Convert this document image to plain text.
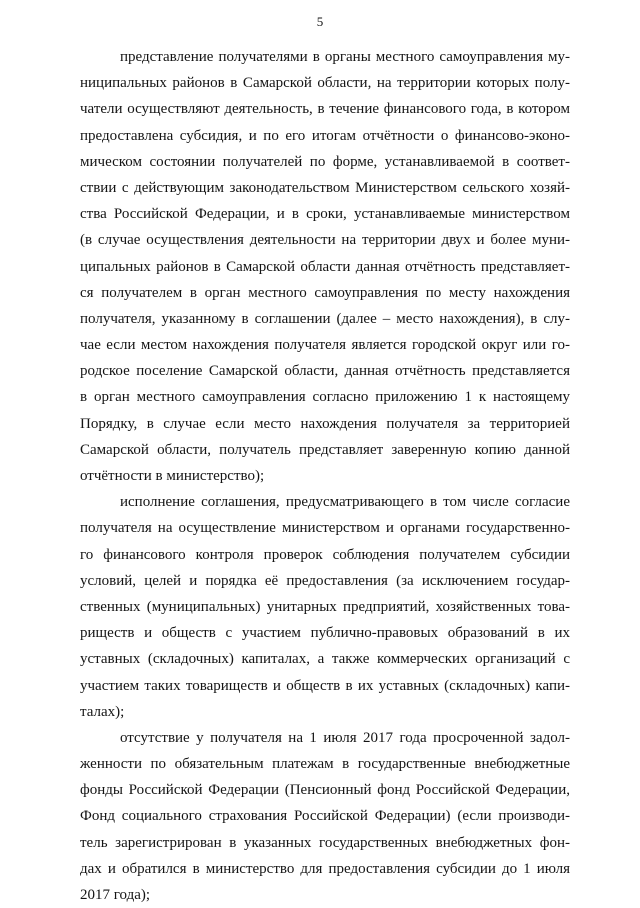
5
представление получателями в органы местного самоуправления му-
ниципальных районов в Самарской области, на территории которых полу-
чатели осуществляют деятельность, в течение финансового года, в котором
предоставлена субсидия, и по его итогам отчётности о финансово-эконо-
мическом состоянии получателей по форме, устанавливаемой в соответ-
ствии с действующим законодательством Министерством сельского хозяй-
ства Российской Федерации, и в сроки, устанавливаемые министерством
(в случае осуществления деятельности на территории двух и более муни-
ципальных районов в Самарской области данная отчётность представляет-
ся получателем в орган местного самоуправления по месту нахождения
получателя, указанному в соглашении (далее – место нахождения), в слу-
чае если местом нахождения получателя является городской округ или го-
родское поселение Самарской области, данная отчётность представляется
в орган местного самоуправления согласно приложению 1 к настоящему
Порядку, в случае если место нахождения получателя за территорией
Самарской области, получатель представляет заверенную копию данной
отчётности в министерство);
исполнение соглашения, предусматривающего в том числе согласие
получателя на осуществление министерством и органами государственно-
го финансового контроля проверок соблюдения получателем субсидии
условий, целей и порядка её предоставления (за исключением государ-
ственных (муниципальных) унитарных предприятий, хозяйственных това-
риществ и обществ с участием публично-правовых образований в их
уставных (складочных) капиталах, а также коммерческих организаций с
участием таких товариществ и обществ в их уставных (складочных) капи-
талах);
отсутствие у получателя на 1 июля 2017 года просроченной задол-
женности по обязательным платежам в государственные внебюджетные
фонды Российской Федерации (Пенсионный фонд Российской Федерации,
Фонд социального страхования Российской Федерации) (если производи-
тель зарегистрирован в указанных государственных внебюджетных фон-
дах и обратился в министерство для предоставления субсидии до 1 июля
2017 года);
